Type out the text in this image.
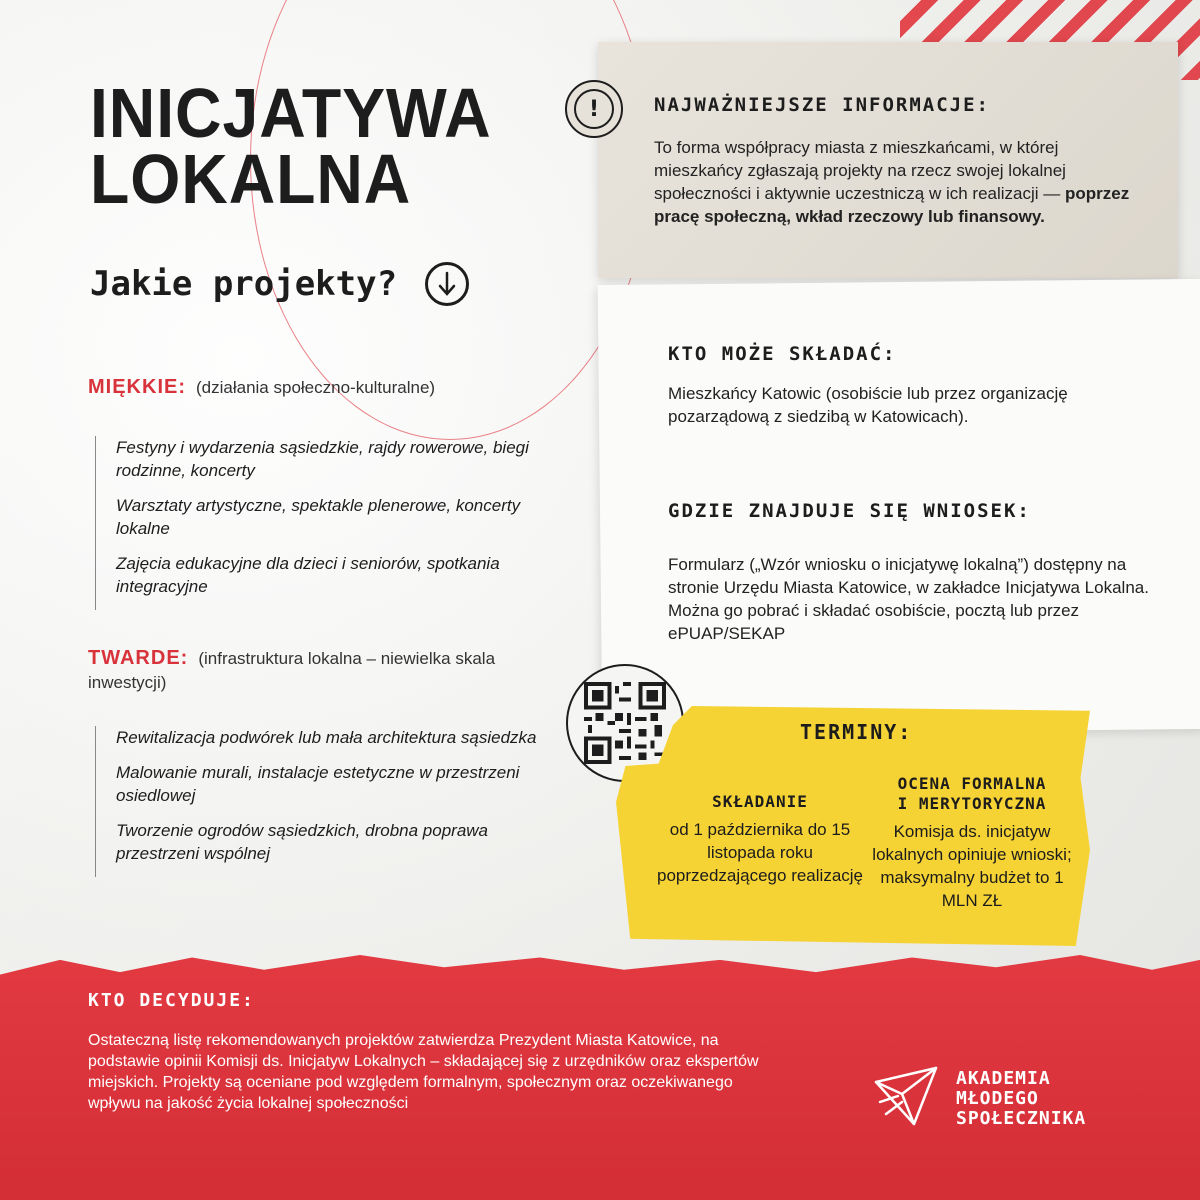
INICJATYWA
LOKALNA
Jakie projekty?
MIĘKKIE: (działania społeczno-kulturalne)
Festyny i wydarzenia sąsiedzkie, rajdy rowerowe, biegi rodzinne, koncerty
Warsztaty artystyczne, spektakle plenerowe, koncerty lokalne
Zajęcia edukacyjne dla dzieci i seniorów, spotkania integracyjne
TWARDE: (infrastruktura lokalna – niewielka skala inwestycji)
Rewitalizacja podwórek lub mała architektura sąsiedzka
Malowanie murali, instalacje estetyczne w przestrzeni osiedlowej
Tworzenie ogrodów sąsiedzkich, drobna poprawa przestrzeni wspólnej
!	NAJWAŻNIEJSZE INFORMACJE:
To forma współpracy miasta z mieszkańcami, w której mieszkańcy zgłaszają projekty na rzecz swojej lokalnej społeczności i aktywnie uczestniczą w ich realizacji — poprzez pracę społeczną, wkład rzeczowy lub finansowy.
KTO MOŻE SKŁADAĆ:
Mieszkańcy Katowic (osobiście lub przez organizację pozarządową z siedzibą w Katowicach).
GDZIE ZNAJDUJE SIĘ WNIOSEK:
Formularz („Wzór wniosku o inicjatywę lokalną”) dostępny na stronie Urzędu Miasta Katowice, w zakładce Inicjatywa Lokalna. Można go pobrać i składać osobiście, pocztą lub przez ePUAP/SEKAP
TERMINY:
SKŁADANIE
od 1 października do 15 listopada roku poprzedzającego realizację
OCENA FORMALNA
I MERYTORYCZNA
Komisja ds. inicjatyw lokalnych opiniuje wnioski; maksymalny budżet to 1 MLN ZŁ
KTO DECYDUJE:
Ostateczną listę rekomendowanych projektów zatwierdza Prezydent Miasta Katowice, na podstawie opinii Komisji ds. Inicjatyw Lokalnych – składającej się z urzędników oraz ekspertów miejskich. Projekty są oceniane pod względem formalnym, społecznym oraz oczekiwanego wpływu na jakość życia lokalnej społeczności
AKADEMIA
MŁODEGO
SPOŁECZNIKA
